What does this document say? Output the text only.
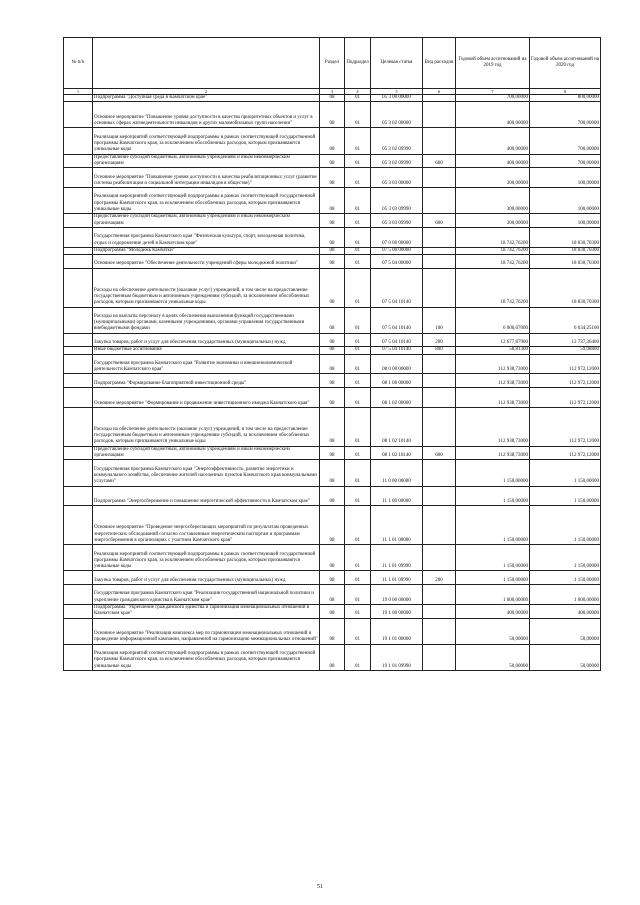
№ п/п		Раздел	Подраздел	Целевая статья	Вид расходов	Годовой объем ассигнований на 2019 год	Годовой объем ассигнований на 2020 год
1	2	3	4	5	6	7	8
	Подпрограмма "Доступная среда в Камчатском крае"	08	01	05 3 00 00000		700,00000	800,00000
	Основное мероприятие "Повышение уровня доступности в качества приоритетных объектов и услуг в основных сферах жизнедеятельности инвалидов и других маломобильных групп населения"	08	01	05 3 02 00000		400,00000	700,00000
	Реализация мероприятий соответствующей подпрограммы в рамках соответствующей государственной программы Камчатского края, за исключением обособленных расходов, которым присваиваются уникальные коды	08	01	05 3 02 09990		400,00000	700,00000
	Предоставление субсидий бюджетным, автономным учреждениям и иным некоммерческим организациям	08	01	05 3 02 09990	600	400,00000	700,00000
	Основное мероприятие "Повышение уровня доступности в качества реабилитационных услуг (развитие системы реабилитации и социальной интеграции инвалидов в обществе)"	08	01	05 3 03 00000		300,00000	100,00000
	Реализация мероприятий соответствующей подпрограммы в рамках соответствующей государственной программы Камчатского края, за исключением обособленных расходов, которым присваиваются уникальные коды	08	01	05 3 03 09990		300,00000	100,00000
	Предоставление субсидий бюджетным, автономным учреждениям и иным некоммерческим организациям	08	01	05 3 03 09990	600	300,00000	100,00000
	Государственная программа Камчатского края "Физическая культура, спорт, молодежная политика, отдых и оздоровление детей в Камчатском крае"	08	01	07 0 00 00000		18 742,76200	18 830,70300
	Подпрограмма "Молодежь Камчатки"	08	01	07 5 00 00000		18 742,76200	18 830,70300
	Основное мероприятие "Обеспечение деятельности учреждений сферы молодежной политики"	08	01	07 5 04 00000		18 742,76200	18 830,70300
	Расходы на обеспечение деятельности (оказание услуг) учреждений, в том числе на предоставление государственным бюджетным и автономным учреждениям субсидий, за исключением обособленных расходов, которым присваиваются уникальные коды	08	01	07 5 04 10140		18 742,76200	18 830,70300
	Расходы на выплаты персоналу в целях обеспечения выполнения функций государственными (муниципальными) органами, казенными учреждениями, органами управления государственными внебюджетными фондами	08	01	07 5 04 10140	100	6 006,07000	6 034,25100
	Закупка товаров, работ и услуг для обеспечения государственных (муниципальных) нужд	08	01	07 5 04 10140	200	12 677,87900	12 737,36400
	Иные бюджетные ассигнования	08	01	07 5 04 10140	800	58,81300	59,08800
	Государственная программа Камчатского края "Развитие экономики и внешнеэкономической деятельности Камчатского края"	08	01	08 0 00 00000		112 938,73000	112 972,12000
	Подпрограмма "Формирование благоприятной инвестиционной среды"	08	01	08 1 00 00000		112 938,73000	112 972,12000
	Основное мероприятие "Формирование и продвижение инвестиционного имиджа Камчатского края"	08	01	08 1 02 00000		112 938,73000	112 972,12000
	Расходы на обеспечение деятельности (оказание услуг) учреждений, в том числе на предоставление государственным бюджетным и автономным учреждениям субсидий, за исключением обособленных расходов, которым присваиваются уникальные коды	08	01	08 1 02 10140		112 938,73000	112 972,12000
	Предоставление субсидий бюджетным, автономным учреждениям и иным некоммерческим организациям	08	01	08 1 02 10140	600	112 938,73000	112 972,12000
	Государственная программа Камчатского края "Энергоэффективность, развитие энергетики и коммунального хозяйства, обеспечение жителей населенных пунктов Камчатского края коммунальными услугами"	08	01	11 0 00 00000		1 150,00000	1 150,00000
	Подпрограмма "Энергосбережение и повышение энергетической эффективности в Камчатском крае"	08	01	11 1 00 00000		1 150,00000	1 150,00000
	Основное мероприятие "Проведение энергосберегающих мероприятий по результатам проведенных энергетических обследований согласно составленным энергетическим паспортам и программам энергосбережения в организациях с участием Камчатского края"	08	01	11 1 01 00000		1 150,00000	1 150,00000
	Реализация мероприятий соответствующей подпрограммы в рамках соответствующей государственной программы Камчатского края, за исключением обособленных расходов, которым присваиваются уникальные коды	08	01	11 1 01 09990		1 150,00000	1 150,00000
	Закупка товаров, работ и услуг для обеспечения государственных (муниципальных) нужд	08	01	11 1 01 09990	200	1 150,00000	1 150,00000
	Государственная программа Камчатского края "Реализация государственной национальной политики и укрепление гражданского единства в Камчатском крае"	08	01	19 0 00 00000		1 000,00000	1 000,00000
	Подпрограмма "Укрепление гражданского единства и гармонизация межнациональных отношений в Камчатском крае"	08	01	19 1 00 00000		400,00000	400,00000
	Основное мероприятие "Реализация комплекса мер по гармонизации межнациональных отношений и проведение информационной кампании, направленной на гармонизацию межнациональных отношений"	08	01	19 1 01 00000		50,00000	50,00000
	Реализация мероприятий соответствующей подпрограммы в рамках соответствующей государственной программы Камчатского края, за исключением обособленных расходов, которым присваиваются уникальные коды	08	01	19 1 01 09990		50,00000	50,00000
51
